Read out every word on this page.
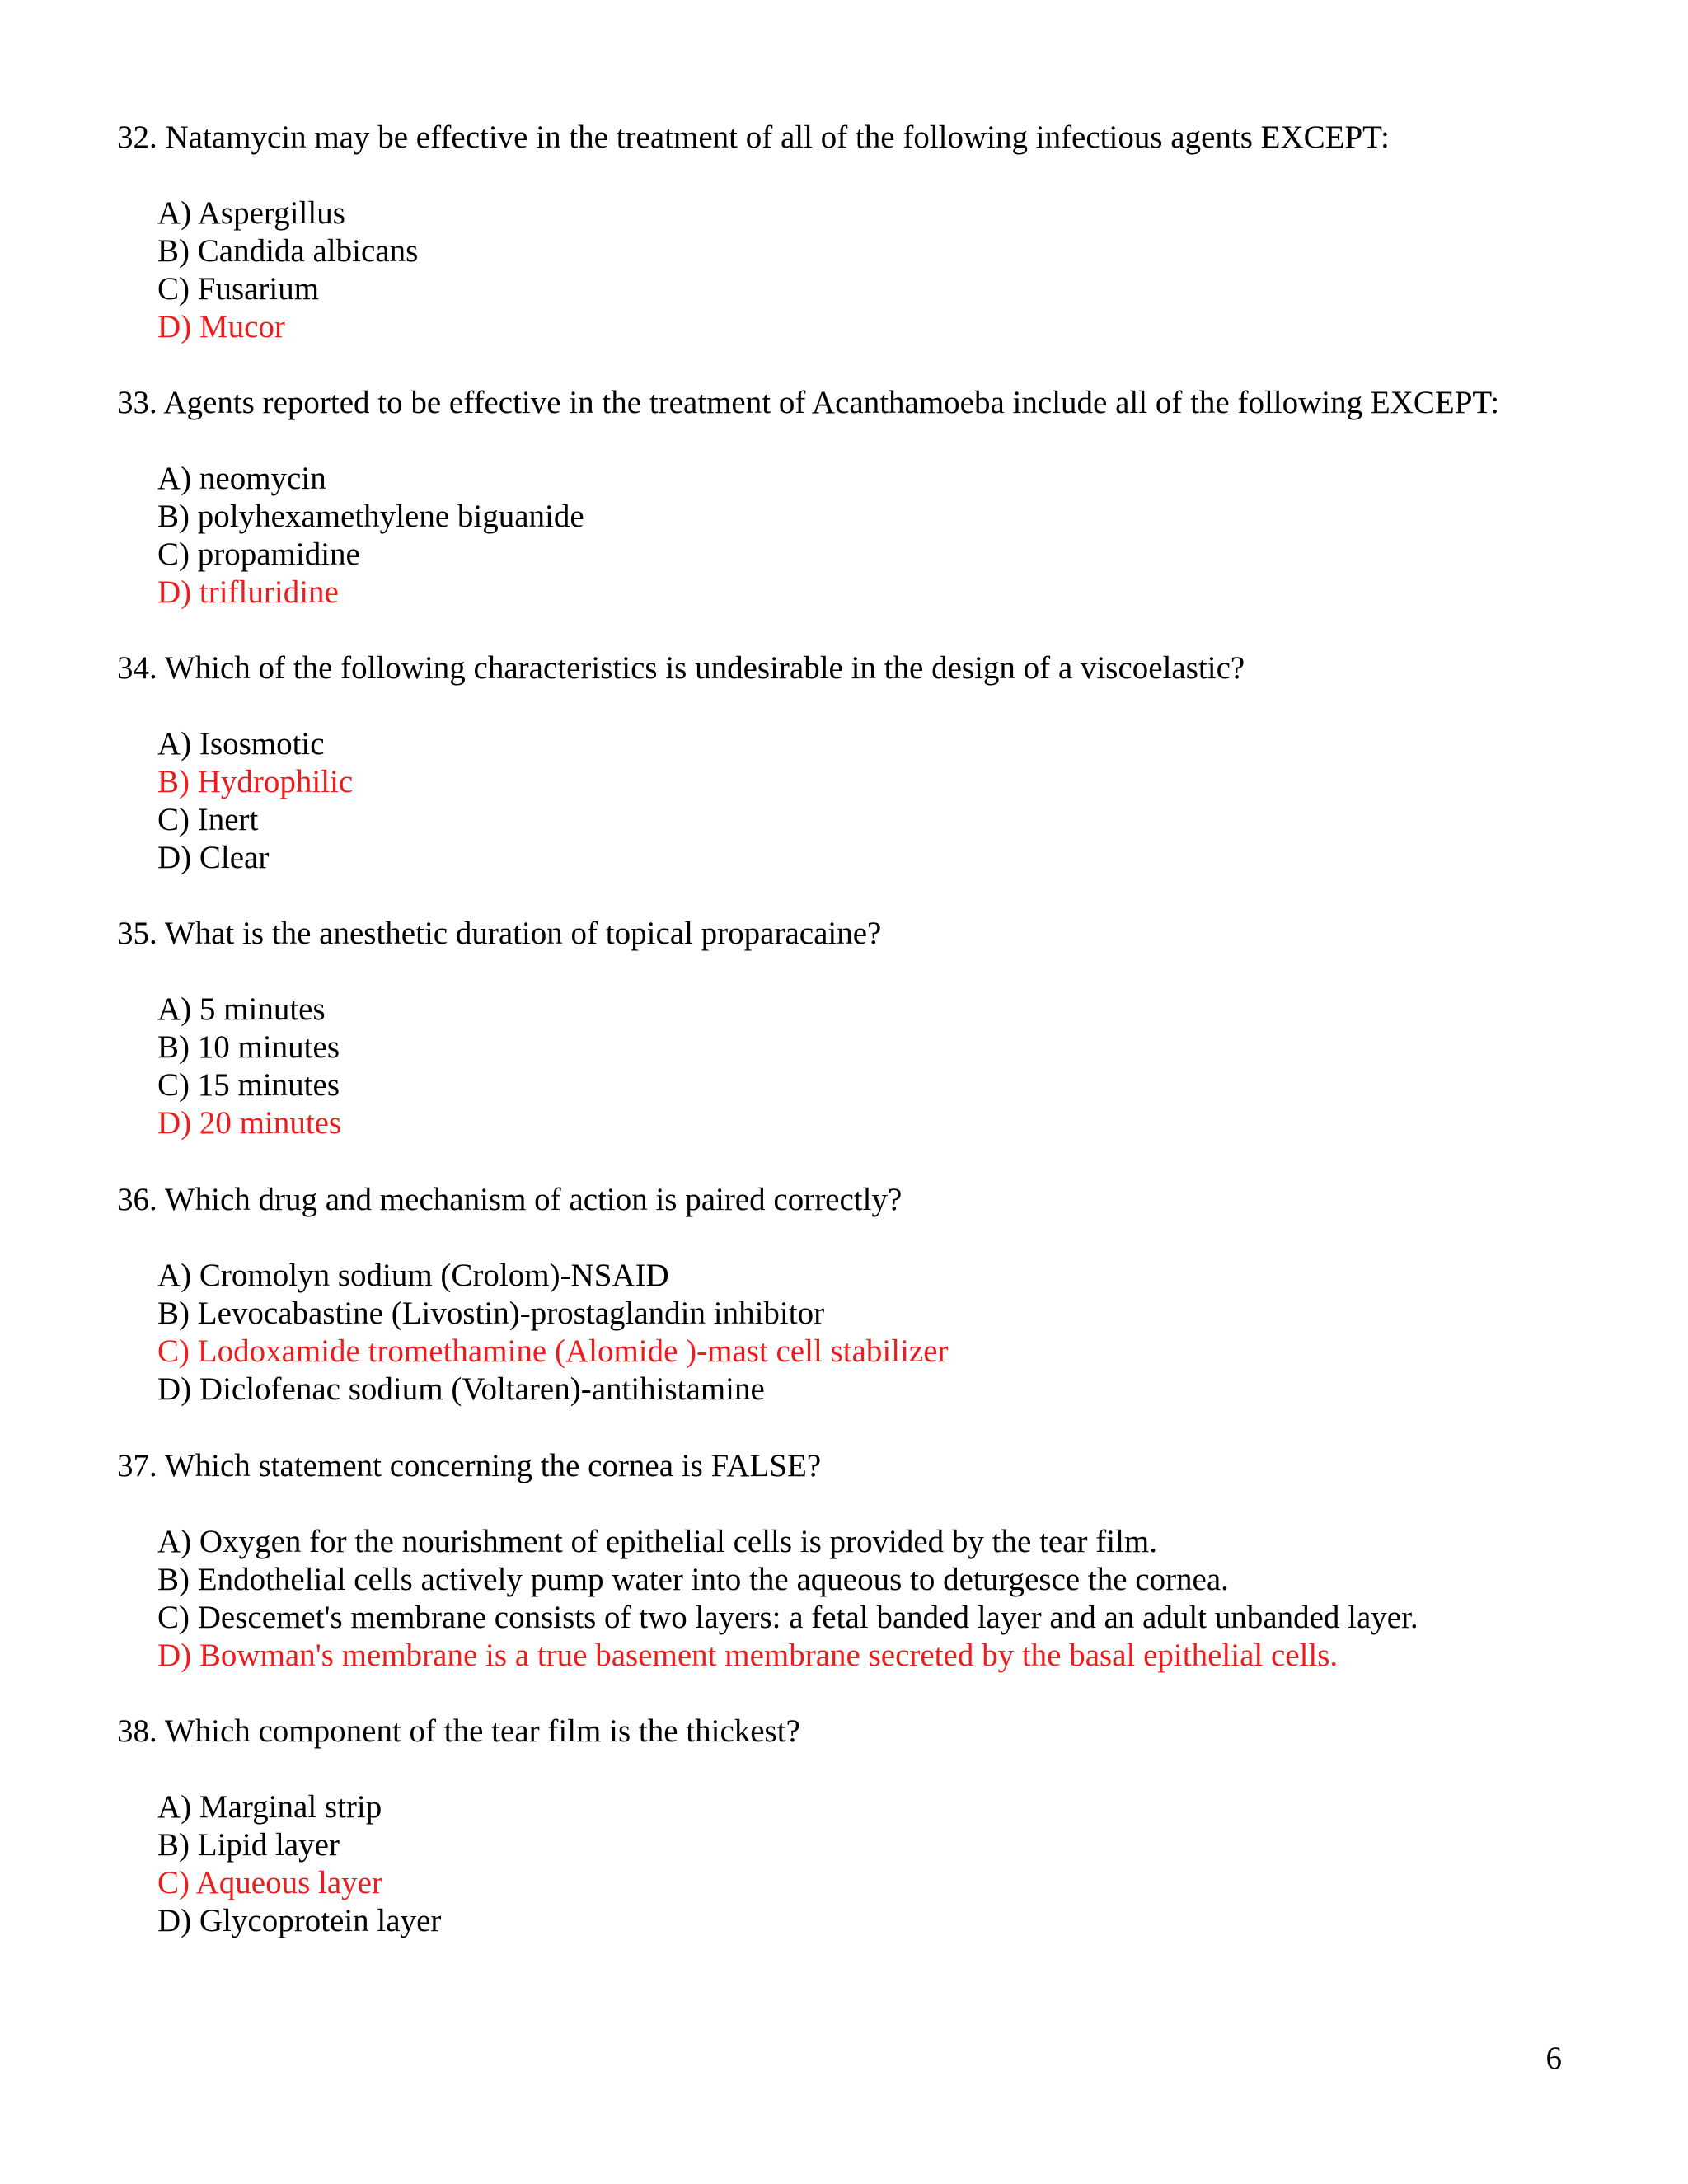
32. Natamycin may be effective in the treatment of all of the following infectious agents EXCEPT:

A) Aspergillus
B) Candida albicans
C) Fusarium
D) Mucor

33. Agents reported to be effective in the treatment of Acanthamoeba include all of the following EXCEPT:

A) neomycin
B) polyhexamethylene biguanide
C) propamidine
D) trifluridine

34. Which of the following characteristics is undesirable in the design of a viscoelastic?

A) Isosmotic
B) Hydrophilic
C) Inert
D) Clear

35. What is the anesthetic duration of topical proparacaine?

A) 5 minutes
B) 10 minutes
C) 15 minutes
D) 20 minutes

36. Which drug and mechanism of action is paired correctly?

A) Cromolyn sodium (Crolom)-NSAID
B) Levocabastine (Livostin)-prostaglandin inhibitor
C) Lodoxamide tromethamine (Alomide )-mast cell stabilizer
D) Diclofenac sodium (Voltaren)-antihistamine

37. Which statement concerning the cornea is FALSE?

A) Oxygen for the nourishment of epithelial cells is provided by the tear film.
B) Endothelial cells actively pump water into the aqueous to deturgesce the cornea.
C) Descemet's membrane consists of two layers: a fetal banded layer and an adult unbanded layer.
D) Bowman's membrane is a true basement membrane secreted by the basal epithelial cells.

38. Which component of the tear film is the thickest?

A) Marginal strip
B) Lipid layer
C) Aqueous layer
D) Glycoprotein layer
6
